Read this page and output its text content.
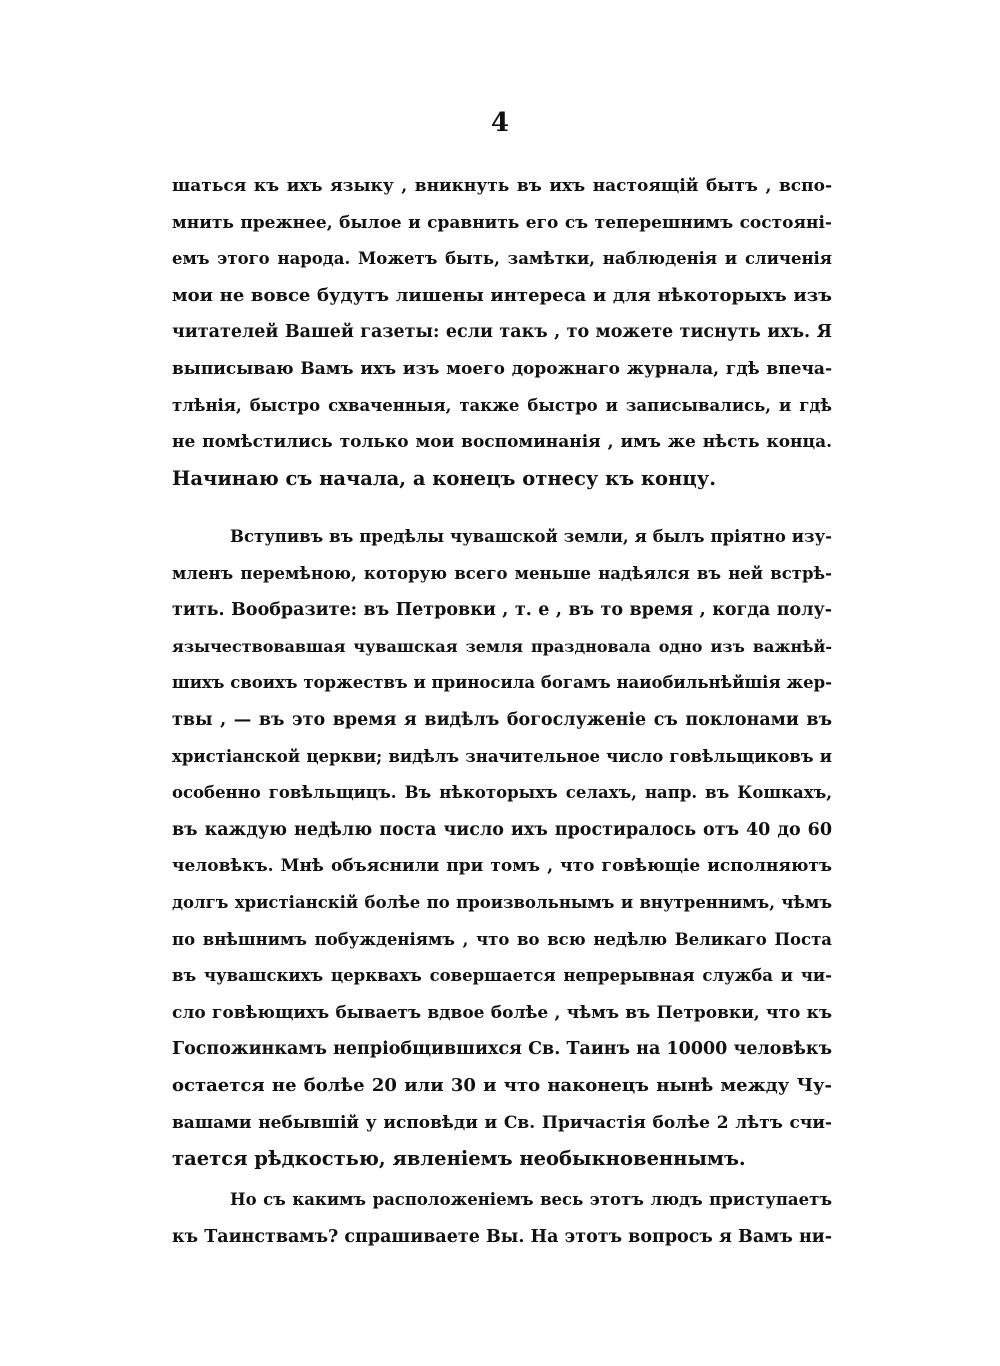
4
шаться къ ихъ языку , вникнуть въ ихъ настоящій бытъ , вспо-
мнить прежнее, былое и сравнить его съ теперешнимъ состояні-
емъ этого народа. Можетъ быть, замѣтки, наблюденія и сличенія
мои не вовсе будутъ лишены интереса и для нѣкоторыхъ изъ
читателей Вашей газеты: если такъ , то можете тиснуть ихъ. Я
выписываю Вамъ ихъ изъ моего дорожнаго журнала, гдѣ впеча-
тлѣнія, быстро схваченныя, также быстро и записывались, и гдѣ
не помѣстились только мои воспоминанія , имъ же нѣсть конца.
Начинаю съ начала, а конецъ отнесу къ концу.
Вступивъ въ предѣлы чувашской земли, я былъ пріятно изу-
мленъ перемѣною, которую всего меньше надѣялся въ ней встрѣ-
тить. Вообразите: въ Петровки , т. е , въ то время , когда полу-
язычествовавшая чувашская земля праздновала одно изъ важнѣй-
шихъ своихъ торжествъ и приносила богамъ наиобильнѣйшія жер-
твы , — въ это время я видѣлъ богослуженіе съ поклонами въ
христіанской церкви; видѣлъ значительное число говѣльщиковъ и
особенно говѣльщицъ. Въ нѣкоторыхъ селахъ, напр. въ Кошкахъ,
въ каждую недѣлю поста число ихъ простиралось отъ 40 до 60
человѣкъ. Мнѣ объяснили при томъ , что говѣющіе исполняютъ
долгъ христіанскій болѣе по произвольнымъ и внутреннимъ, чѣмъ
по внѣшнимъ побужденіямъ , что во всю недѣлю Великаго Поста
въ чувашскихъ церквахъ совершается непрерывная служба и чи-
сло говѣющихъ бываетъ вдвое болѣе , чѣмъ въ Петровки, что къ
Госпожинкамъ непріобщившихся Св. Таинъ на 10000 человѣкъ
остается не болѣе 20 или 30 и что наконецъ нынѣ между Чу-
вашами небывшій у исповѣди и Св. Причастія болѣе 2 лѣтъ счи-
тается рѣдкостью, явленіемъ необыкновеннымъ.
Но съ какимъ расположеніемъ весь этотъ людъ приступаетъ
къ Таинствамъ? спрашиваете Вы. На этотъ вопросъ я Вамъ ни-
